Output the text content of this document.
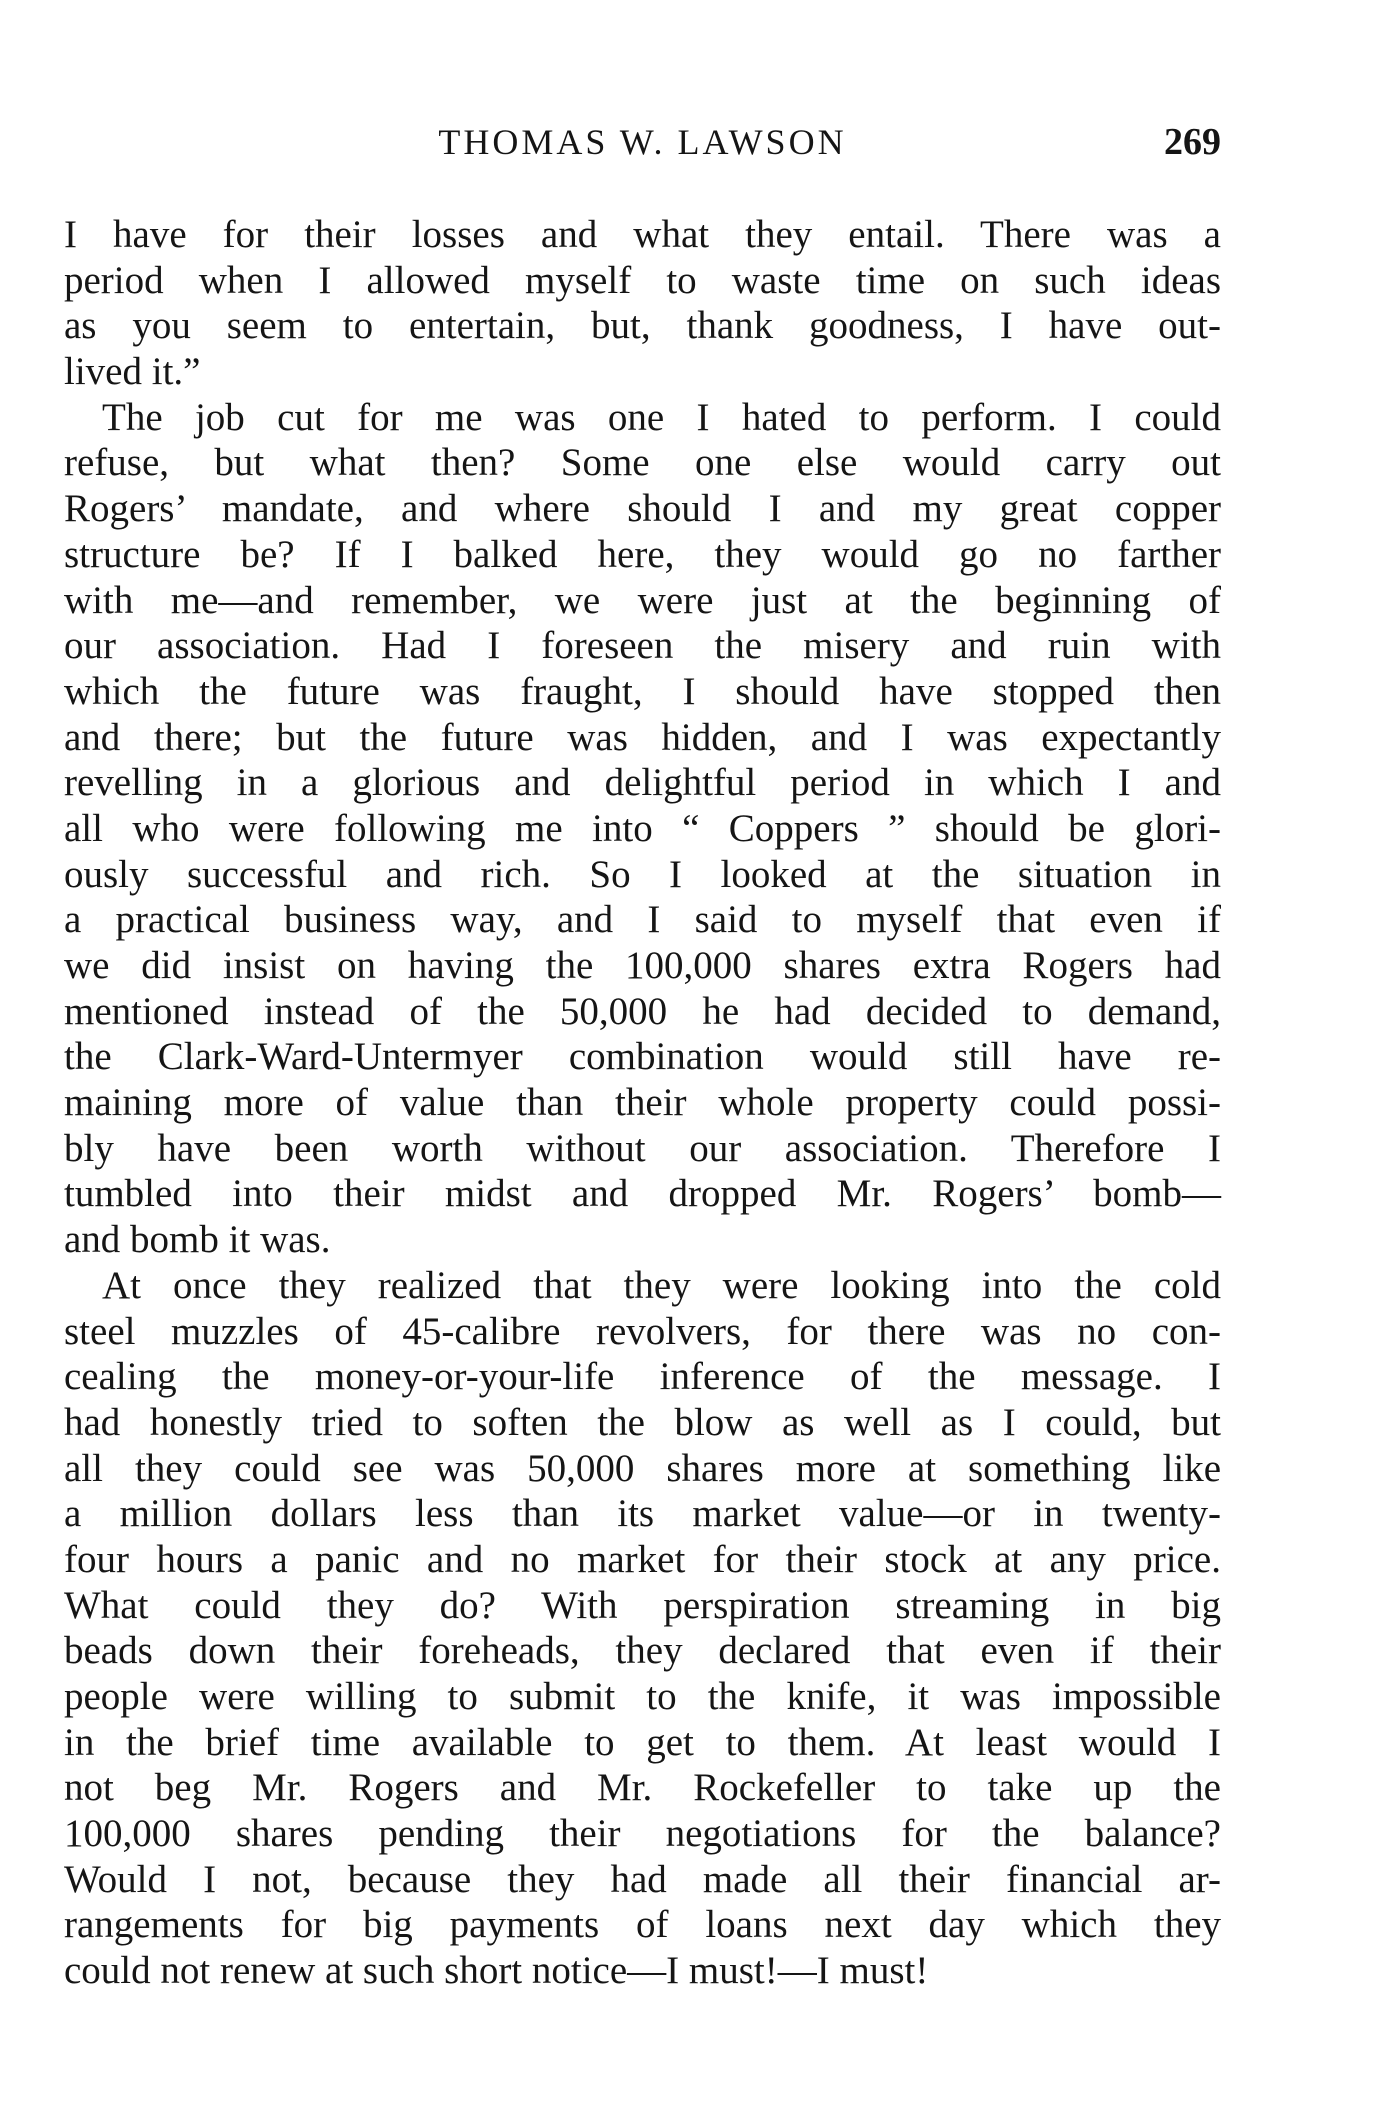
THOMAS W. LAWSON	269
I have for their losses and what they entail. There was a
period when I allowed myself to waste time on such ideas
as you seem to entertain, but, thank goodness, I have out-
lived it.”
The job cut for me was one I hated to perform. I could
refuse, but what then? Some one else would carry out
Rogers’ mandate, and where should I and my great copper
structure be? If I balked here, they would go no farther
with me—and remember, we were just at the beginning of
our association. Had I foreseen the misery and ruin with
which the future was fraught, I should have stopped then
and there; but the future was hidden, and I was expectantly
revelling in a glorious and delightful period in which I and
all who were following me into “ Coppers ” should be glori-
ously successful and rich. So I looked at the situation in
a practical business way, and I said to myself that even if
we did insist on having the 100,000 shares extra Rogers had
mentioned instead of the 50,000 he had decided to demand,
the Clark-Ward-Untermyer combination would still have re-
maining more of value than their whole property could possi-
bly have been worth without our association. Therefore I
tumbled into their midst and dropped Mr. Rogers’ bomb—
and bomb it was.
At once they realized that they were looking into the cold
steel muzzles of 45-calibre revolvers, for there was no con-
cealing the money-or-your-life inference of the message. I
had honestly tried to soften the blow as well as I could, but
all they could see was 50,000 shares more at something like
a million dollars less than its market value—or in twenty-
four hours a panic and no market for their stock at any price.
What could they do? With perspiration streaming in big
beads down their foreheads, they declared that even if their
people were willing to submit to the knife, it was impossible
in the brief time available to get to them. At least would I
not beg Mr. Rogers and Mr. Rockefeller to take up the
100,000 shares pending their negotiations for the balance?
Would I not, because they had made all their financial ar-
rangements for big payments of loans next day which they
could not renew at such short notice—I must!—I must!
